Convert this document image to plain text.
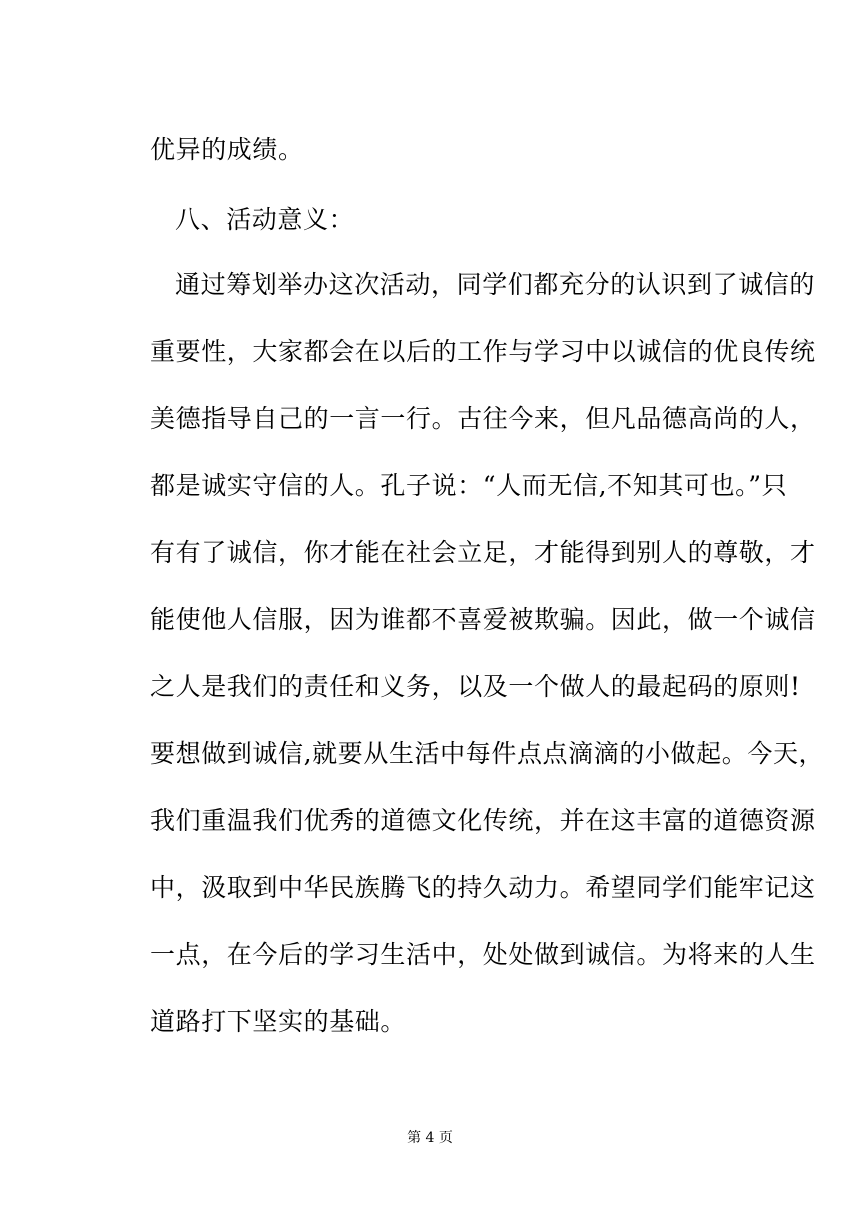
优异的成绩。
八、活动意义：
通过筹划举办这次活动，同学们都充分的认识到了诚信的
重要性，大家都会在以后的工作与学习中以诚信的优良传统
美德指导自己的一言一行。古往今来，但凡品德高尚的人，
都是诚实守信的人。孔子说：“人而无信,不知其可也。”只
有有了诚信，你才能在社会立足，才能得到别人的尊敬，才
能使他人信服，因为谁都不喜爱被欺骗。因此，做一个诚信
之人是我们的责任和义务，以及一个做人的最起码的原则!
要想做到诚信,就要从生活中每件点点滴滴的小做起。今天，
我们重温我们优秀的道德文化传统，并在这丰富的道德资源
中，汲取到中华民族腾飞的持久动力。希望同学们能牢记这
一点，在今后的学习生活中，处处做到诚信。为将来的人生
道路打下坚实的基础。
第 4 页
